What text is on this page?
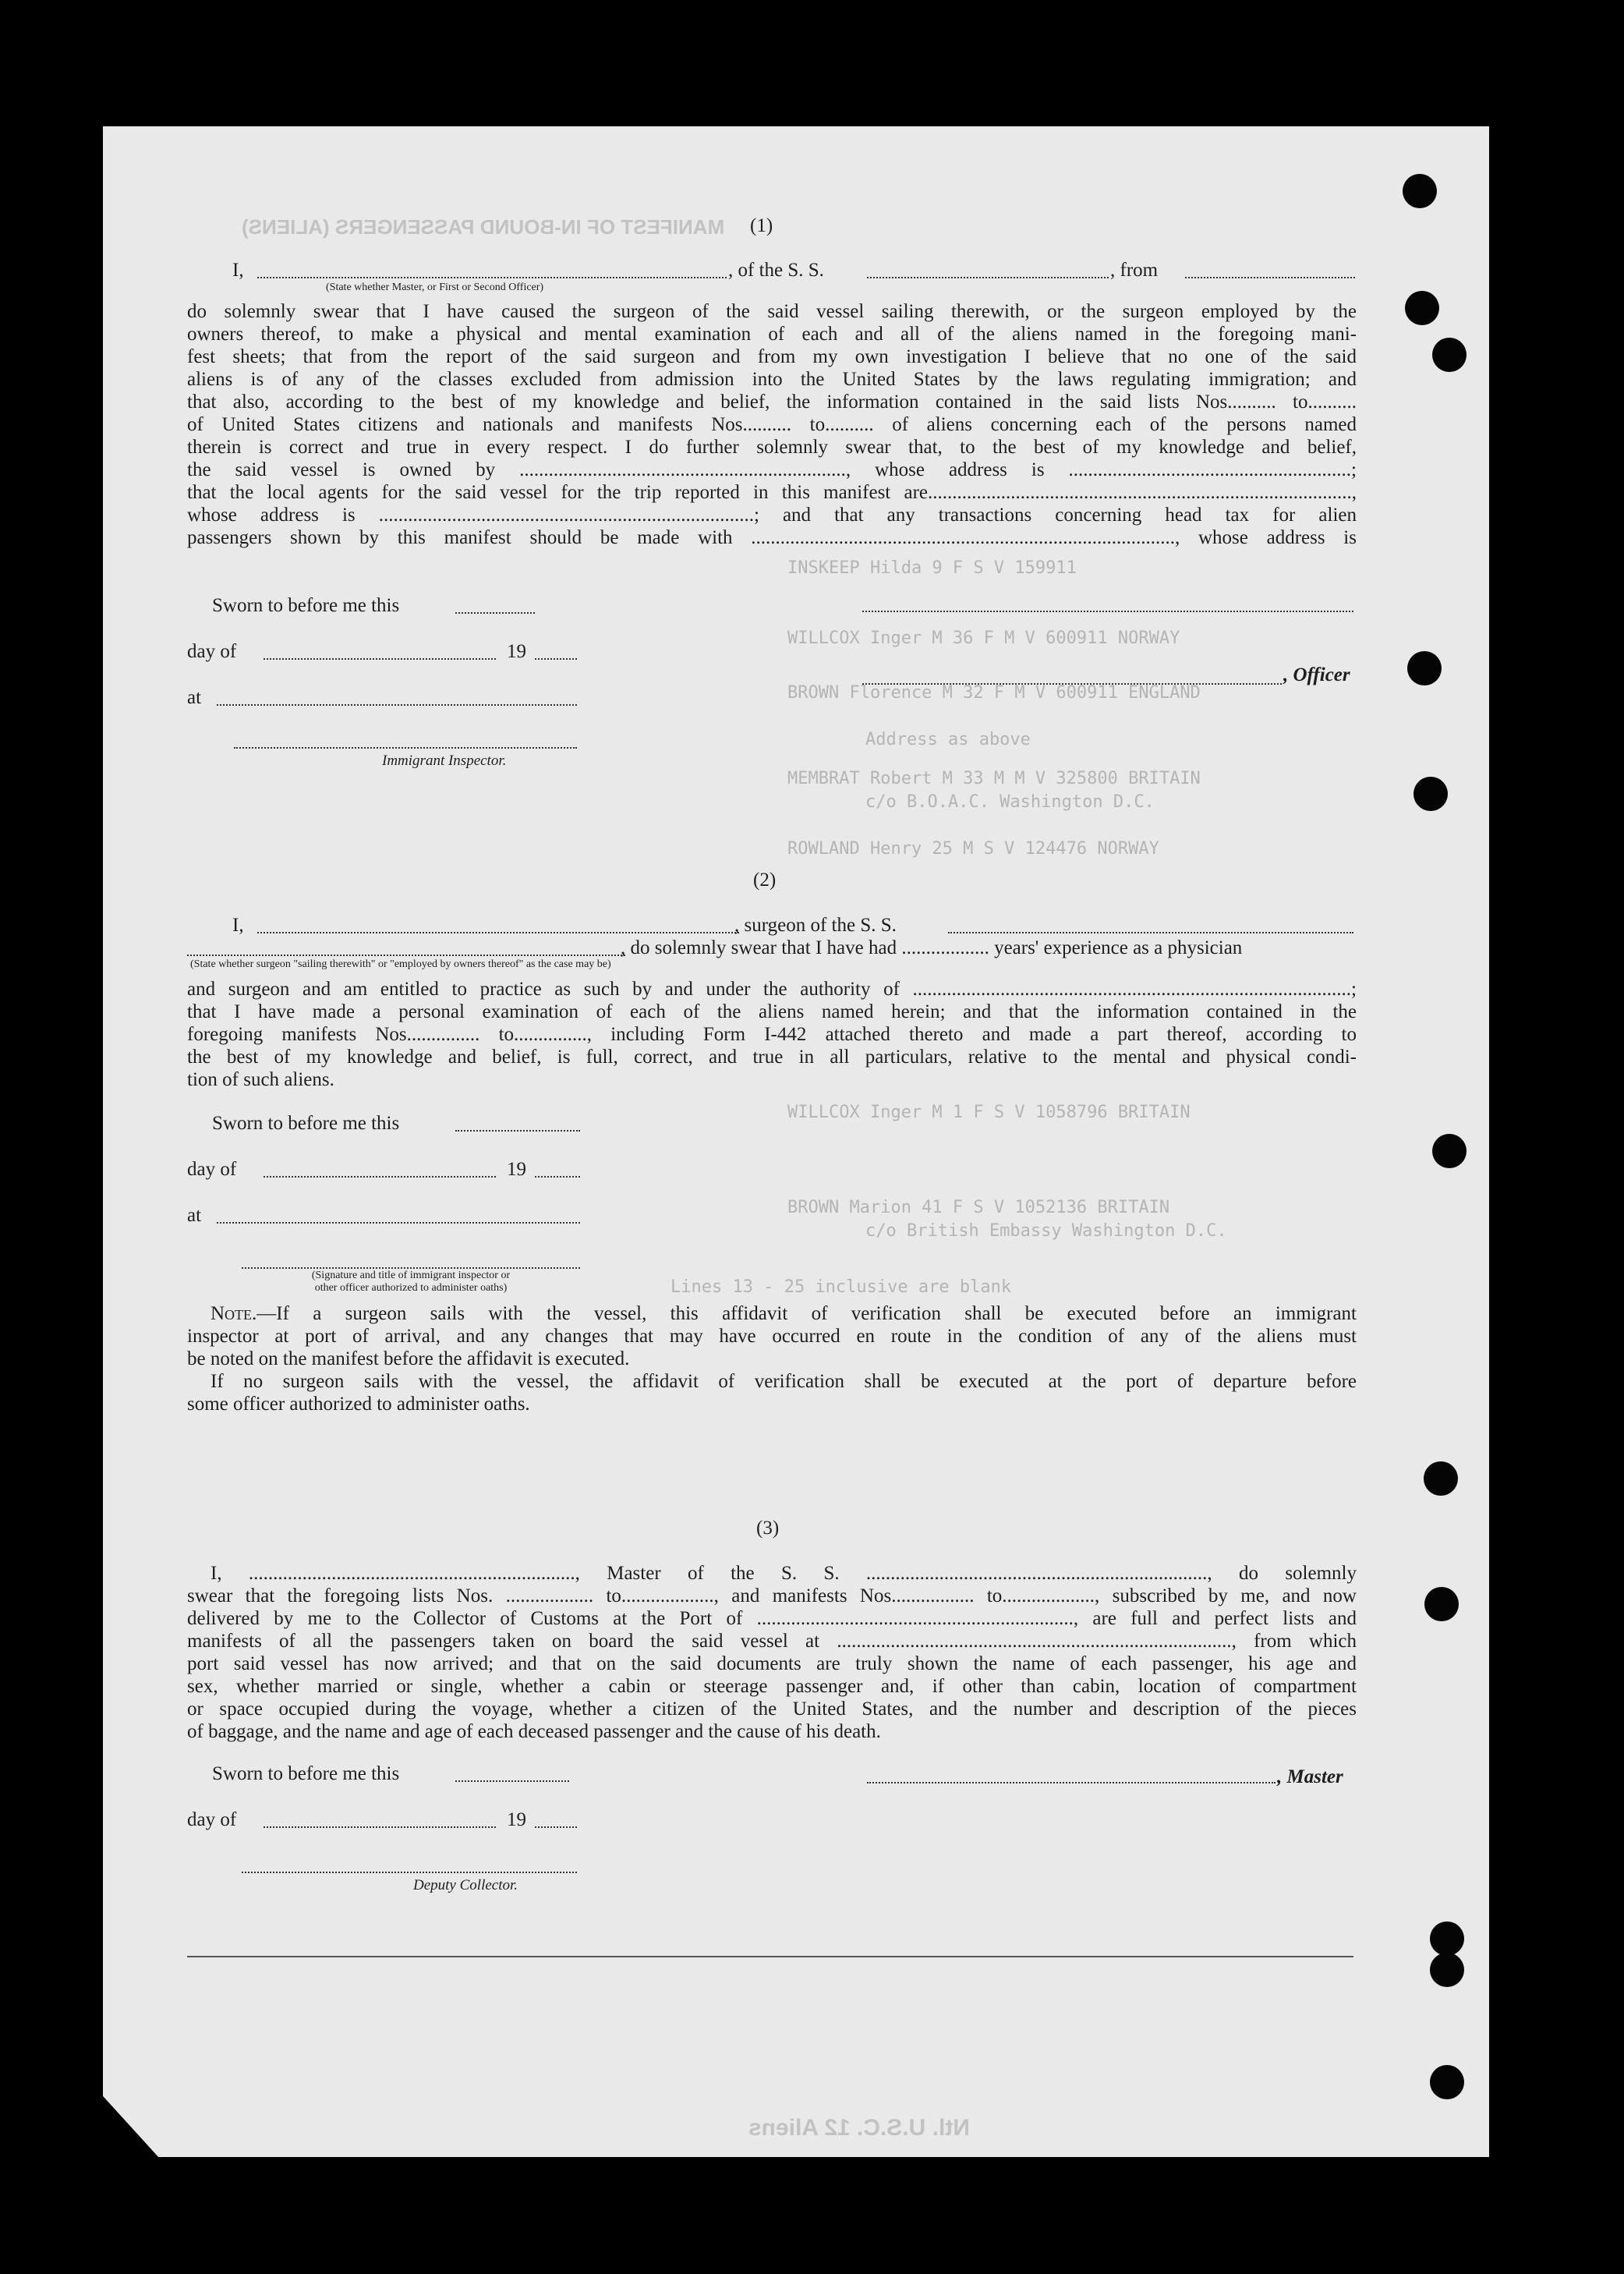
MANIFEST OF IN-BOUND PASSENGERS (ALIENS)
Ntl. U.S.C. 12 Aliens
INSKEEP Hilda 9 F S V 159911
WILLCOX Inger M 36 F M V 600911 NORWAY
BROWN Florence M 32 F M V 600911 ENGLAND
Address as above
MEMBRAT Robert M 33 M M V 325800 BRITAIN
c/o B.O.A.C. Washington D.C.
ROWLAND Henry 25 M S V 124476 NORWAY
WILLCOX Inger M 1 F S V 1058796 BRITAIN
BROWN Marion 41 F S V 1052136 BRITAIN
c/o British Embassy Washington D.C.
Lines 13 - 25 inclusive are blank
(1)
I,	, of the S. S.	, from
(State whether Master, or First or Second Officer)

do solemnly swear that I have caused the surgeon of the said vessel sailing therewith, or the surgeon employed by the

owners thereof, to make a physical and mental examination of each and all of the aliens named in the foregoing mani-

fest sheets; that from the report of the said surgeon and from my own investigation I believe that no one of the said

aliens is of any of the classes excluded from admission into the United States by the laws regulating immigration; and

that also, according to the best of my knowledge and belief, the information contained in the said lists Nos.......... to..........

of United States citizens and nationals and manifests Nos.......... to.......... of aliens concerning each of the persons named

therein is correct and true in every respect. I do further solemnly swear that, to the best of my knowledge and belief,

the said vessel is owned by ..................................................................., whose address is ..........................................................;

that the local agents for the said vessel for the trip reported in this manifest are.......................................................................................,

whose address is .............................................................................; and that any transactions concerning head tax for alien

passengers shown by this manifest should be made with ......................................................................................., whose address is

Sworn to before me this
day of	19
at
Immigrant Inspector.
, Officer
(2)
I,	, surgeon of the S. S.
, do solemnly swear that I have had .................. years' experience as a physician
(State whether surgeon "sailing therewith" or "employed by owners thereof" as the case may be)

and surgeon and am entitled to practice as such by and under the authority of ..........................................................................................;

that I have made a personal examination of each of the aliens named herein; and that the information contained in the

foregoing manifests Nos............... to..............., including Form I-442 attached thereto and made a part thereof, according to

the best of my knowledge and belief, is full, correct, and true in all particulars, relative to the mental and physical condi-

tion of such aliens.

Sworn to before me this
day of	19
at
(Signature and title of immigrant inspector or
other officer authorized to administer oaths)

Note.—If a surgeon sails with the vessel, this affidavit of verification shall be executed before an immigrant

inspector at port of arrival, and any changes that may have occurred en route in the condition of any of the aliens must

be noted on the manifest before the affidavit is executed.

If no surgeon sails with the vessel, the affidavit of verification shall be executed at the port of departure before

some officer authorized to administer oaths.

(3)

I, ..................................................................., Master of the S. S. ......................................................................, do solemnly

swear that the foregoing lists Nos. .................. to..................., and manifests Nos................. to..................., subscribed by me, and now

delivered by me to the Collector of Customs at the Port of ................................................................., are full and perfect lists and

manifests of all the passengers taken on board the said vessel at ................................................................................., from which

port said vessel has now arrived; and that on the said documents are truly shown the name of each passenger, his age and

sex, whether married or single, whether a cabin or steerage passenger and, if other than cabin, location of compartment

or space occupied during the voyage, whether a citizen of the United States, and the number and description of the pieces

of baggage, and the name and age of each deceased passenger and the cause of his death.

Sworn to before me this
day of	19
Deputy Collector.
, Master
